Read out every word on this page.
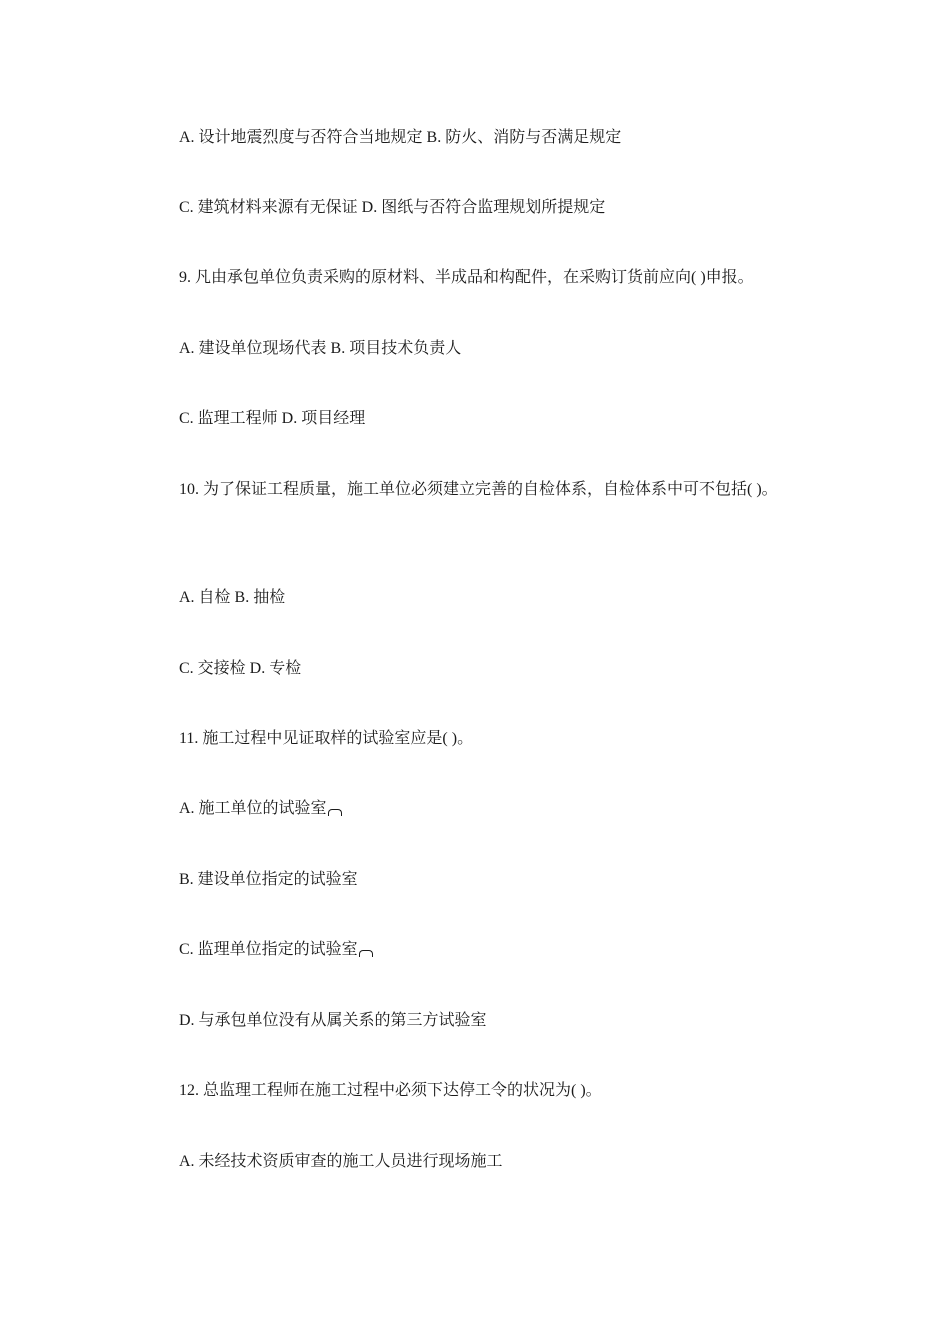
A. 设计地震烈度与否符合当地规定 B. 防火、消防与否满足规定
C. 建筑材料来源有无保证 D. 图纸与否符合监理规划所提规定
9. 凡由承包单位负责采购的原材料、半成品和构配件，在采购订货前应向( )申报。
A. 建设单位现场代表 B. 项目技术负责人
C. 监理工程师 D. 项目经理
10. 为了保证工程质量，施工单位必须建立完善的自检体系，自检体系中可不包括( )。
A. 自检 B. 抽检
C. 交接检 D. 专检
11. 施工过程中见证取样的试验室应是( )。
A. 施工单位的试验室
B. 建设单位指定的试验室
C. 监理单位指定的试验室
D. 与承包单位没有从属关系的第三方试验室
12. 总监理工程师在施工过程中必须下达停工令的状况为( )。
A. 未经技术资质审查的施工人员进行现场施工
